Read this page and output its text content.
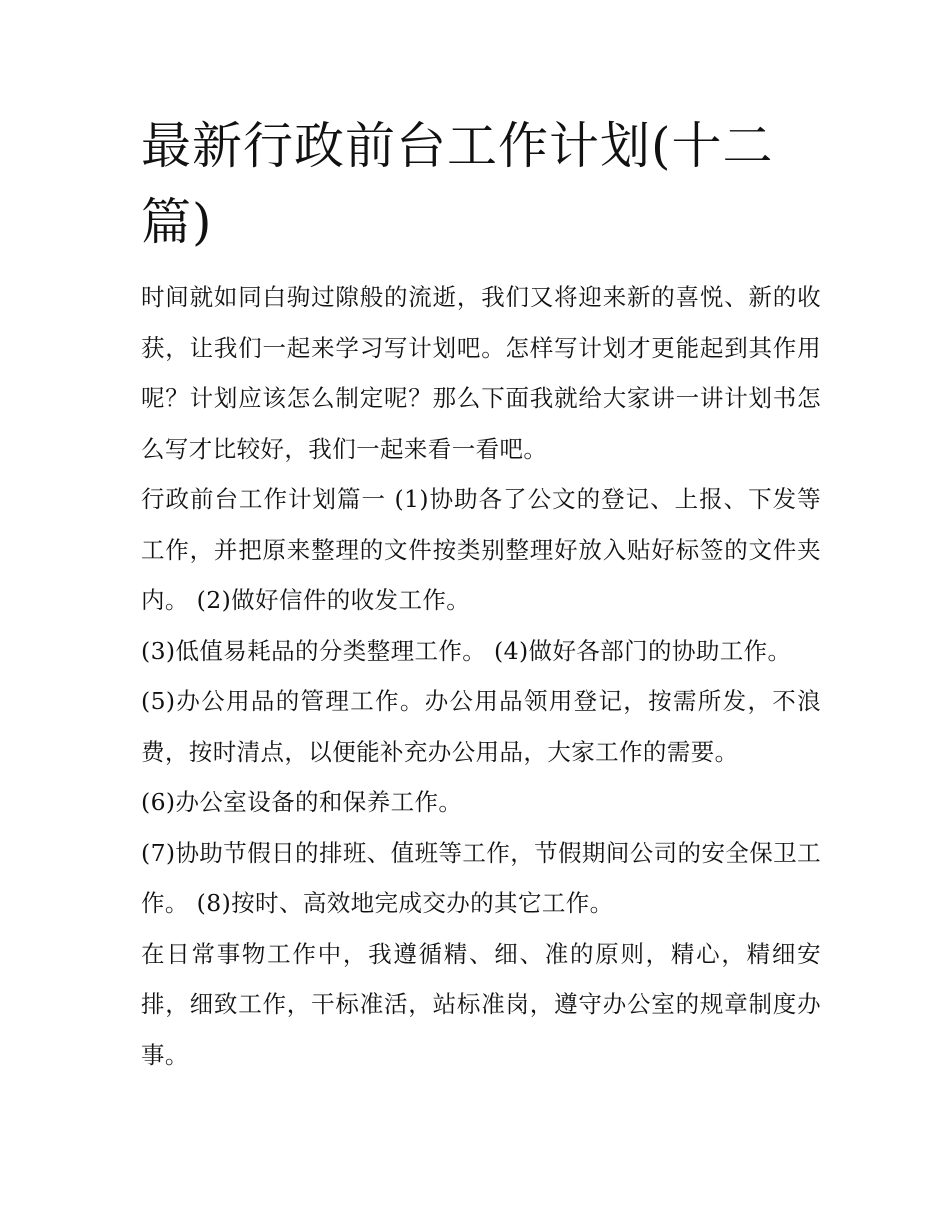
最新行政前台工作计划(十二篇)

时间就如同白驹过隙般的流逝，我们又将迎来新的喜悦、新的收获，让我们一起来学习写计划吧。怎样写计划才更能起到其作用呢？计划应该怎么制定呢？那么下面我就给大家讲一讲计划书怎么写才比较好，我们一起来看一看吧。

行政前台工作计划篇一 (1)协助各了公文的登记、上报、下发等工作，并把原来整理的文件按类别整理好放入贴好标签的文件夹内。 (2)做好信件的收发工作。

(3)低值易耗品的分类整理工作。 (4)做好各部门的协助工作。

(5)办公用品的管理工作。办公用品领用登记，按需所发，不浪费，按时清点，以便能补充办公用品，大家工作的需要。

(6)办公室设备的和保养工作。

(7)协助节假日的排班、值班等工作，节假期间公司的安全保卫工作。 (8)按时、高效地完成交办的其它工作。

在日常事物工作中，我遵循精、细、准的原则，精心，精细安排，细致工作，干标准活，站标准岗，遵守办公室的规章制度办事。
